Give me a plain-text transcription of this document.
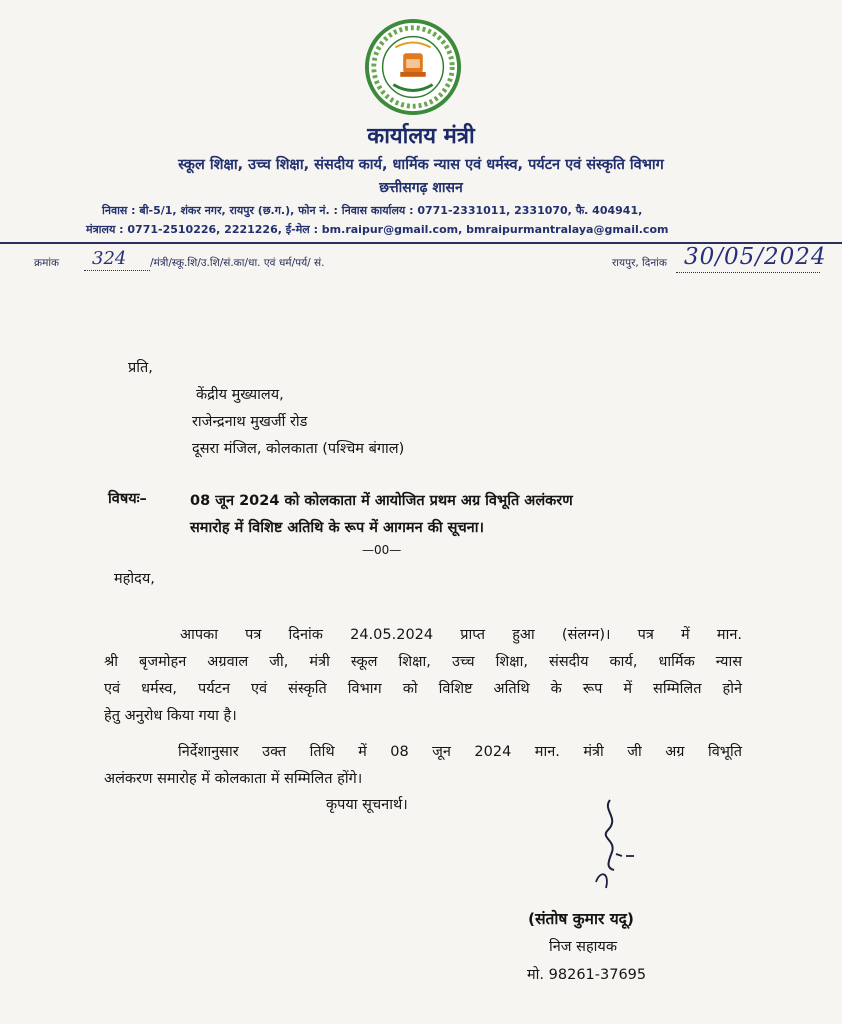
कार्यालय मंत्री
स्कूल शिक्षा, उच्च शिक्षा, संसदीय कार्य, धार्मिक न्यास एवं धर्मस्व, पर्यटन एवं संस्कृति विभाग
छत्तीसगढ़ शासन
निवास : बी-5/1, शंकर नगर, रायपुर (छ.ग.), फोन नं. : निवास कार्यालय : 0771-2331011, 2331070, फै. 404941,
मंत्रालय : 0771-2510226, 2221226, ई-मेल : bm.raipur@gmail.com, bmraipurmantralaya@gmail.com
क्रमांक 324 /मंत्री/स्कू.शि/उ.शि/सं.का/धा. एवं धर्म/पर्य/ सं.	रायपुर, दिनांक 30/05/2024
प्रति,
केंद्रीय मुख्यालय,
राजेन्द्रनाथ मुखर्जी रोड
दूसरा मंजिल, कोलकाता (पश्चिम बंगाल)
विषयः–	08 जून 2024 को कोलकाता में आयोजित प्रथम अग्र विभूति अलंकरण
समारोह में विशिष्ट अतिथि के रूप में आगमन की सूचना।
—00—
महोदय,
आपका पत्र दिनांक 24.05.2024 प्राप्त हुआ (संलग्न)। पत्र में मान.
श्री बृजमोहन अग्रवाल जी, मंत्री स्कूल शिक्षा, उच्च शिक्षा, संसदीय कार्य, धार्मिक न्यास
एवं धर्मस्व, पर्यटन एवं संस्कृति विभाग को विशिष्ट अतिथि के रूप में सम्मिलित होने
हेतु अनुरोध किया गया है।
निर्देशानुसार उक्त तिथि में 08 जून 2024 मान. मंत्री जी अग्र विभूति
अलंकरण समारोह में कोलकाता में सम्मिलित होंगे।
कृपया सूचनार्थ।
(संतोष कुमार यदू)
निज सहायक
मो. 98261-37695
